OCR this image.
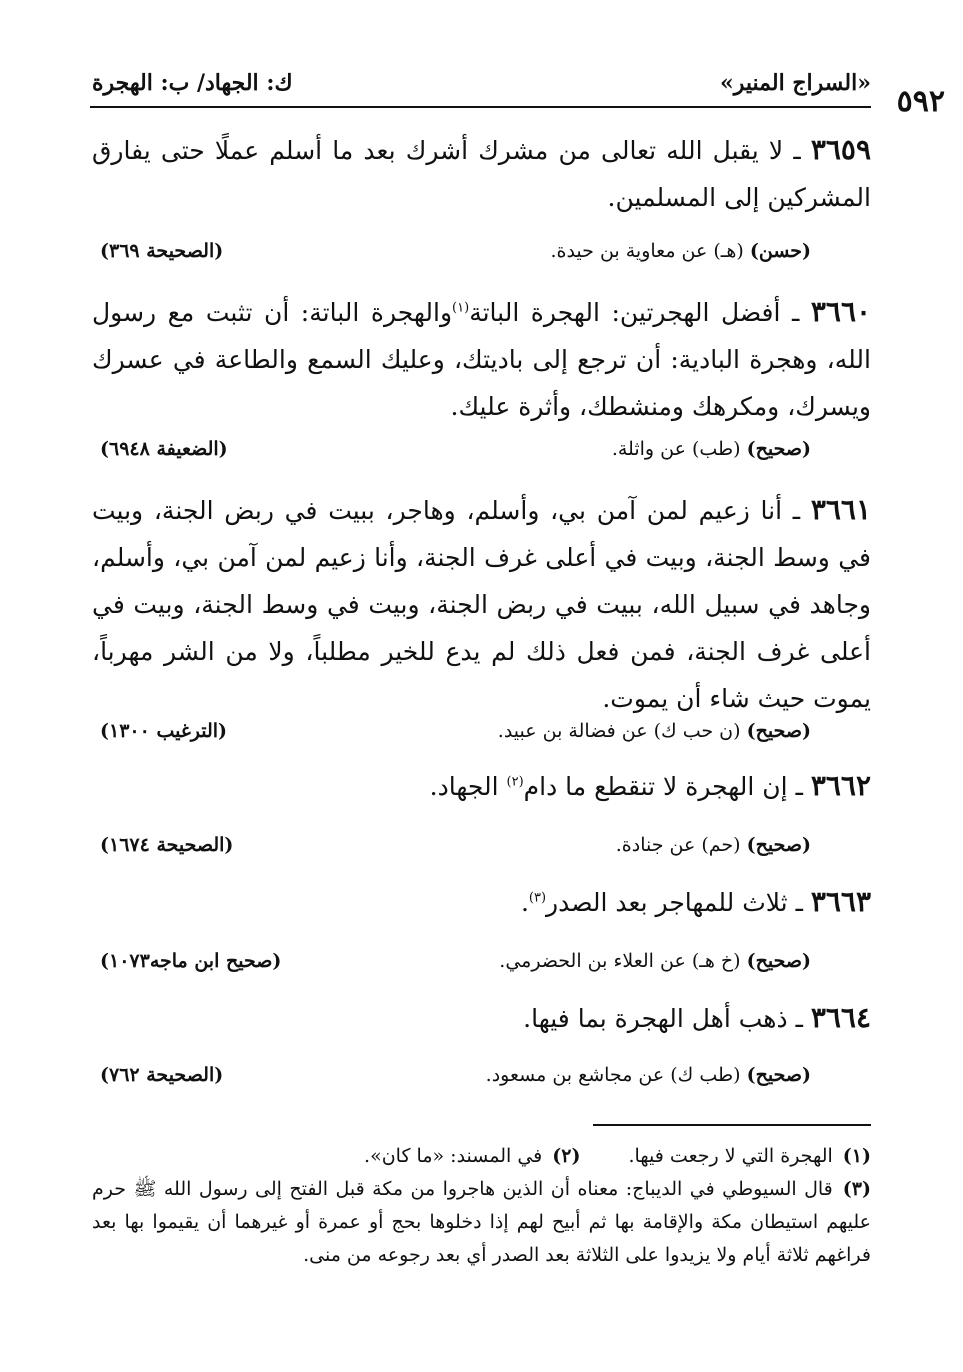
٥٩٢
«السراج المنير»
ك: الجهاد/ ب: الهجرة

٣٦٥٩ ـ لا يقبل الله تعالى من مشرك أشرك بعد ما أسلم عملًا حتى يفارق المشركين إلى المسلمين.

(حسن) (هـ) عن معاوية بن حيدة.
(الصحيحة ٣٦٩)

٣٦٦٠ ـ أفضل الهجرتين: الهجرة الباتة$^{(١)}$والهجرة الباتة: أن تثبت مع رسول الله، وهجرة البادية: أن ترجع إلى باديتك، وعليك السمع والطاعة في عسرك ويسرك، ومكرهك ومنشطك، وأثرة عليك.

(صحيح) (طب) عن واثلة.
(الضعيفة ٦٩٤٨)

٣٦٦١ ـ أنا زعيم لمن آمن بي، وأسلم، وهاجر، ببيت في ربض الجنة، وبيت في وسط الجنة، وبيت في أعلى غرف الجنة، وأنا زعيم لمن آمن بي، وأسلم، وجاهد في سبيل الله، ببيت في ربض الجنة، وبيت في وسط الجنة، وبيت في أعلى غرف الجنة، فمن فعل ذلك لم يدع للخير مطلباً، ولا من الشر مهرباً، يموت حيث شاء أن يموت.

(صحيح) (ن حب ك) عن فضالة بن عبيد.
(الترغيب ١٣٠٠)

٣٦٦٢ ـ إن الهجرة لا تنقطع ما دام$^{(٢)}$ الجهاد.

(صحيح) (حم) عن جنادة.
(الصحيحة ١٦٧٤)

٣٦٦٣ ـ ثلاث للمهاجر بعد الصدر$^{(٣)}$.

(صحيح) (خ هـ) عن العلاء بن الحضرمي.
(صحيح ابن ماجه١٠٧٣)

٣٦٦٤ ـ ذهب أهل الهجرة بما فيها.

(صحيح) (طب ك) عن مجاشع بن مسعود.
(الصحيحة ٧٦٢)

(١)الهجرة التي لا رجعت فيها.(٢)في المسند: «ما كان».

(٣)قال السيوطي في الديباج: معناه أن الذين هاجروا من مكة قبل الفتح إلى رسول الله ﷺ حرم عليهم استيطان مكة والإقامة بها ثم أبيح لهم إذا دخلوها بحج أو عمرة أو غيرهما أن يقيموا بها بعد فراغهم ثلاثة أيام ولا يزيدوا على الثلاثة بعد الصدر أي بعد رجوعه من منى.
